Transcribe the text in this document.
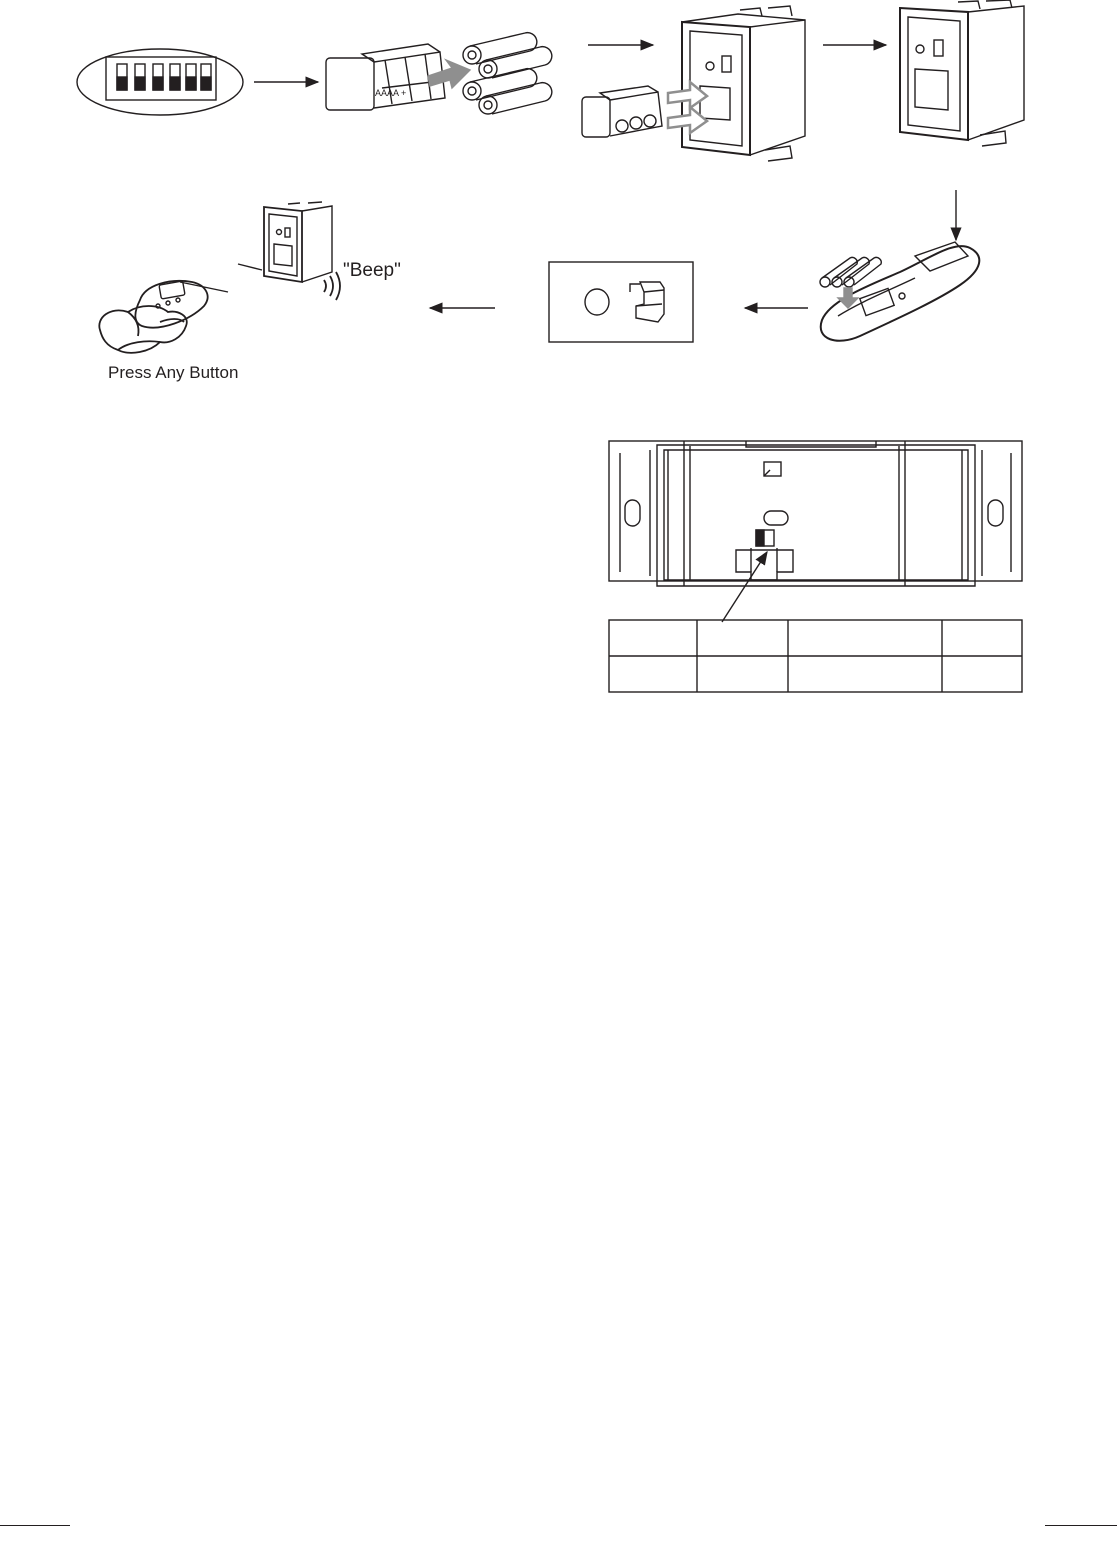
AAAA +
"Beep"
Press Any Button
